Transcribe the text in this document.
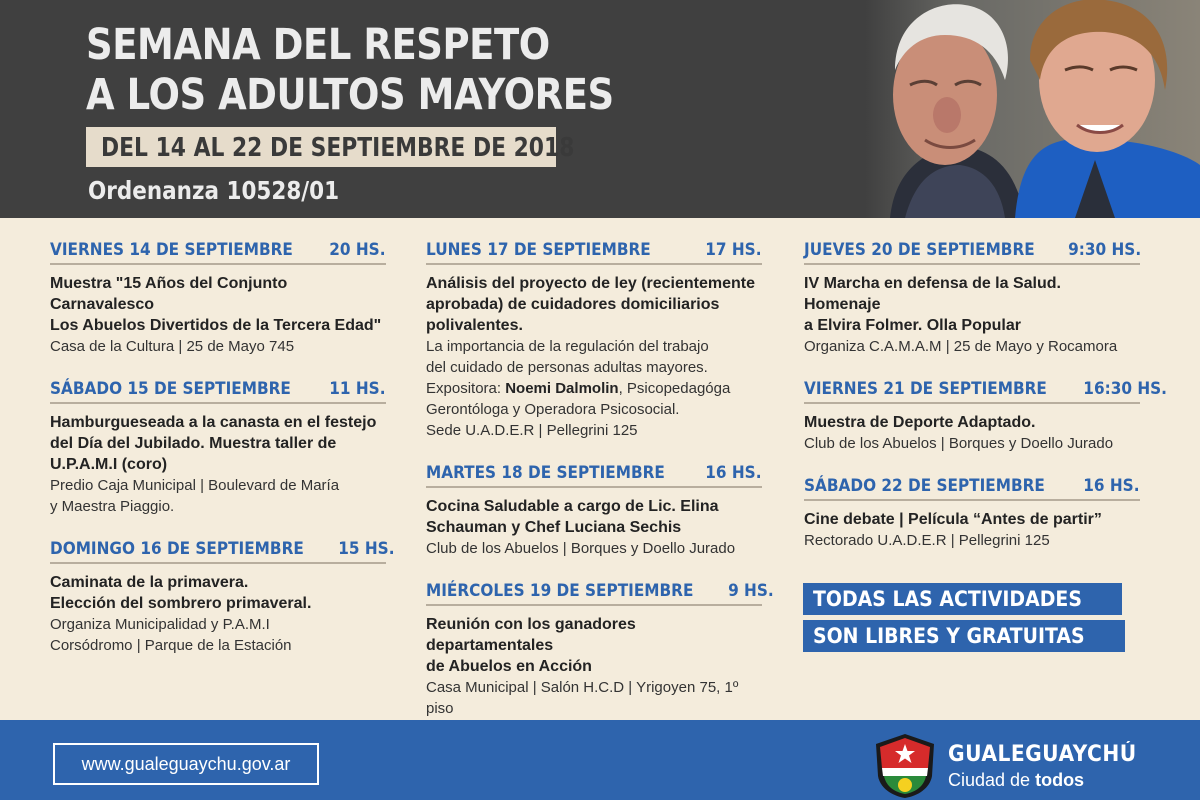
SEMANA DEL RESPETO
A LOS ADULTOS MAYORES
DEL 14 AL 22 DE SEPTIEMBRE DE 2018
Ordenanza 10528/01
VIERNES 14 DE SEPTIEMBRE 20 HS.
Muestra "15 Años del Conjunto Carnavalesco
Los Abuelos Divertidos de la Tercera Edad"
Casa de la Cultura | 25 de Mayo 745
SÁBADO 15 DE SEPTIEMBRE 11 HS.
Hamburgueseada a la canasta en el festejo
del Día del Jubilado. Muestra taller de
U.P.A.M.I (coro)
Predio Caja Municipal | Boulevard de María
y Maestra Piaggio.
DOMINGO 16 DE SEPTIEMBRE 15 HS.
Caminata de la primavera.
Elección del sombrero primaveral.
Organiza Municipalidad y P.A.M.I
Corsódromo | Parque de la Estación
LUNES 17 DE SEPTIEMBRE	17 HS.
Análisis del proyecto de ley (recientemente
aprobada) de cuidadores domiciliarios
polivalentes.
La importancia de la regulación del trabajo
del cuidado de personas adultas mayores.
Expositora: Noemi Dalmolin, Psicopedagóga
Gerontóloga y Operadora Psicosocial.
Sede U.A.D.E.R | Pellegrini 125
MARTES 18 DE SEPTIEMBRE 16 HS.
Cocina Saludable a cargo de Lic. Elina
Schauman y Chef Luciana Sechis
Club de los Abuelos | Borques y Doello Jurado
MIÉRCOLES 19 DE SEPTIEMBRE 9 HS.
Reunión con los ganadores departamentales
de Abuelos en Acción
Casa Municipal | Salón H.C.D | Yrigoyen 75, 1º piso
JUEVES 20 DE SEPTIEMBRE 9:30 HS.
IV Marcha en defensa de la Salud. Homenaje
a Elvira Folmer. Olla Popular
Organiza C.A.M.A.M | 25 de Mayo y Rocamora
VIERNES 21 DE SEPTIEMBRE 16:30 HS.
Muestra de Deporte Adaptado.
Club de los Abuelos | Borques y Doello Jurado
SÁBADO 22 DE SEPTIEMBRE 16 HS.
Cine debate | Película “Antes de partir”
Rectorado U.A.D.E.R | Pellegrini 125
TODAS LAS ACTIVIDADES
SON LIBRES Y GRATUITAS
www.gualeguaychu.gov.ar	GUALEGUAYCHÚ
Ciudad de todos
